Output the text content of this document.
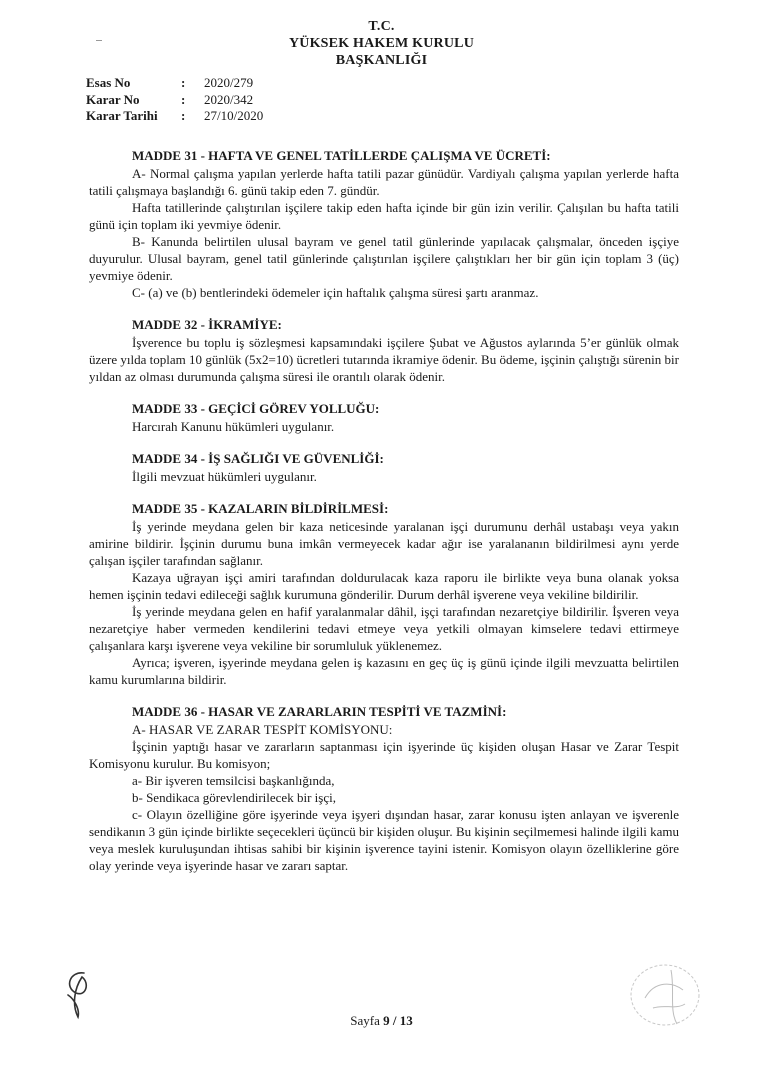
T.C.
YÜKSEK HAKEM KURULU
BAŞKANLIĞI
Esas No	:	2020/279
Karar No	:	2020/342
Karar Tarihi	:	27/10/2020
MADDE 31 - HAFTA VE GENEL TATİLLERDE ÇALIŞMA VE ÜCRETİ:

A- Normal çalışma yapılan yerlerde hafta tatili pazar günüdür. Vardiyalı çalışma yapılan yerlerde hafta tatili çalışmaya başlandığı 6. günü takip eden 7. gündür.

Hafta tatillerinde çalıştırılan işçilere takip eden hafta içinde bir gün izin verilir. Çalışılan bu hafta tatili günü için toplam iki yevmiye ödenir.

B- Kanunda belirtilen ulusal bayram ve genel tatil günlerinde yapılacak çalışmalar, önceden işçiye duyurulur. Ulusal bayram, genel tatil günlerinde çalıştırılan işçilere çalıştıkları her bir gün için toplam 3 (üç) yevmiye ödenir.

C- (a) ve (b) bentlerindeki ödemeler için haftalık çalışma süresi şartı aranmaz.

MADDE 32 - İKRAMİYE:

İşverence bu toplu iş sözleşmesi kapsamındaki işçilere Şubat ve Ağustos aylarında 5’er günlük olmak üzere yılda toplam 10 günlük (5x2=10) ücretleri tutarında ikramiye ödenir. Bu ödeme, işçinin çalıştığı sürenin bir yıldan az olması durumunda çalışma süresi ile orantılı olarak ödenir.

MADDE 33 - GEÇİCİ GÖREV YOLLUĞU:

Harcırah Kanunu hükümleri uygulanır.

MADDE 34 - İŞ SAĞLIĞI VE GÜVENLİĞİ:

İlgili mevzuat hükümleri uygulanır.

MADDE 35 - KAZALARIN BİLDİRİLMESİ:

İş yerinde meydana gelen bir kaza neticesinde yaralanan işçi durumunu derhâl ustabaşı veya yakın amirine bildirir. İşçinin durumu buna imkân vermeyecek kadar ağır ise yaralananın bildirilmesi aynı yerde çalışan işçiler tarafından sağlanır.

Kazaya uğrayan işçi amiri tarafından doldurulacak kaza raporu ile birlikte veya buna olanak yoksa hemen işçinin tedavi edileceği sağlık kurumuna gönderilir. Durum derhâl işverene veya vekiline bildirilir.

İş yerinde meydana gelen en hafif yaralanmalar dâhil, işçi tarafından nezaretçiye bildirilir. İşveren veya nezaretçiye haber vermeden kendilerini tedavi etmeye veya yetkili olmayan kimselere tedavi ettirmeye çalışanlara karşı işverene veya vekiline bir sorumluluk yüklenemez.

Ayrıca; işveren, işyerinde meydana gelen iş kazasını en geç üç iş günü içinde ilgili mevzuatta belirtilen kamu kurumlarına bildirir.

MADDE 36 - HASAR VE ZARARLARIN TESPİTİ VE TAZMİNİ:

A- HASAR VE ZARAR TESPİT KOMİSYONU:

İşçinin yaptığı hasar ve zararların saptanması için işyerinde üç kişiden oluşan Hasar ve Zarar Tespit Komisyonu kurulur. Bu komisyon;

a- Bir işveren temsilcisi başkanlığında,

b- Sendikaca görevlendirilecek bir işçi,

c- Olayın özelliğine göre işyerinde veya işyeri dışından hasar, zarar konusu işten anlayan ve işverenle sendikanın 3 gün içinde birlikte seçecekleri üçüncü bir kişiden oluşur. Bu kişinin seçilmemesi halinde ilgili kamu veya meslek kuruluşundan ihtisas sahibi bir kişinin işverence tayini istenir. Komisyon olayın özelliklerine göre olay yerinde veya işyerinde hasar ve zararı saptar.

Sayfa 9 / 13
